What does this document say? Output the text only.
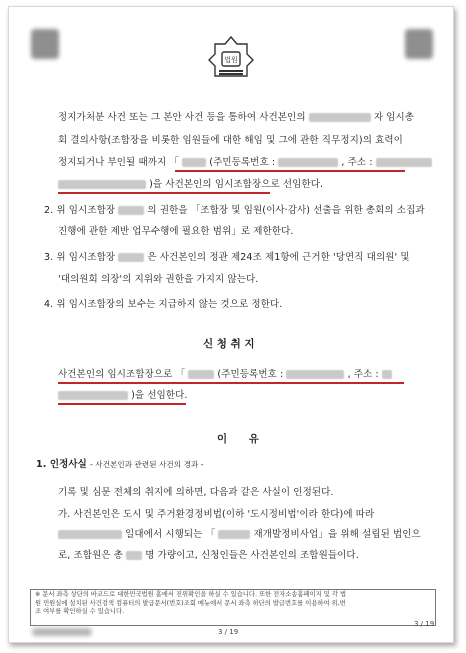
법원
정지가처분 사건 또는 그 본안 사건 등을 통하여 사건본인의	자 임시총
회 결의사항(조합장을 비롯한 임원들에 대한 해임 및 그에 관한 직무정지)의 효력이
정지되거나 부인될 때까지 「	(주민등록번호 :	, 주소 :
)을 사건본인의 임시조합장으로 선임한다.
2. 위 임시조합장	의 권한을 「조합장 및 임원(이사·감사) 선출을 위한 총회의 소집과
진행에 관한 제반 업무수행에 필요한 범위」로 제한한다.
3. 위 임시조합장	은 사건본인의 정관 제24조 제1항에 근거한 '당연직 대의원' 및
'대의원회 의장'의 지위와 권한을 가지지 않는다.
4. 위 임시조합장의 보수는 지급하지 않는 것으로 정한다.
신 청 취 지
사건본인의 임시조합장으로 「	(주민등록번호 :	, 주소 :
)을 선임한다.
이 유
1. 인정사실 - 사건본인과 관련된 사건의 경과 -
기록 및 심문 전체의 취지에 의하면, 다음과 같은 사실이 인정된다.
가. 사건본인은 도시 및 주거환경정비법(이하 '도시정비법'이라 한다)에 따라
일대에서 시행되는 「	재개발정비사업」을 위해 설립된 법인으
로, 조합원은 총 명 가량이고, 신청인들은 사건본인의 조합원들이다.
※ 문서 좌측 상단의 바코드로 대한민국법원 홈에서 진위확인을 하실 수 있습니다. 또한 전자소송홈페이지 및 각 법
원 민원실에 설치된 사건검색 컴퓨터의 발급문서(번호)조회 메뉴에서 문서 좌측 하단의 발급번호를 이용하여 위,변
조 여부를 확인하실 수 있습니다.
3 / 19
3 / 19
